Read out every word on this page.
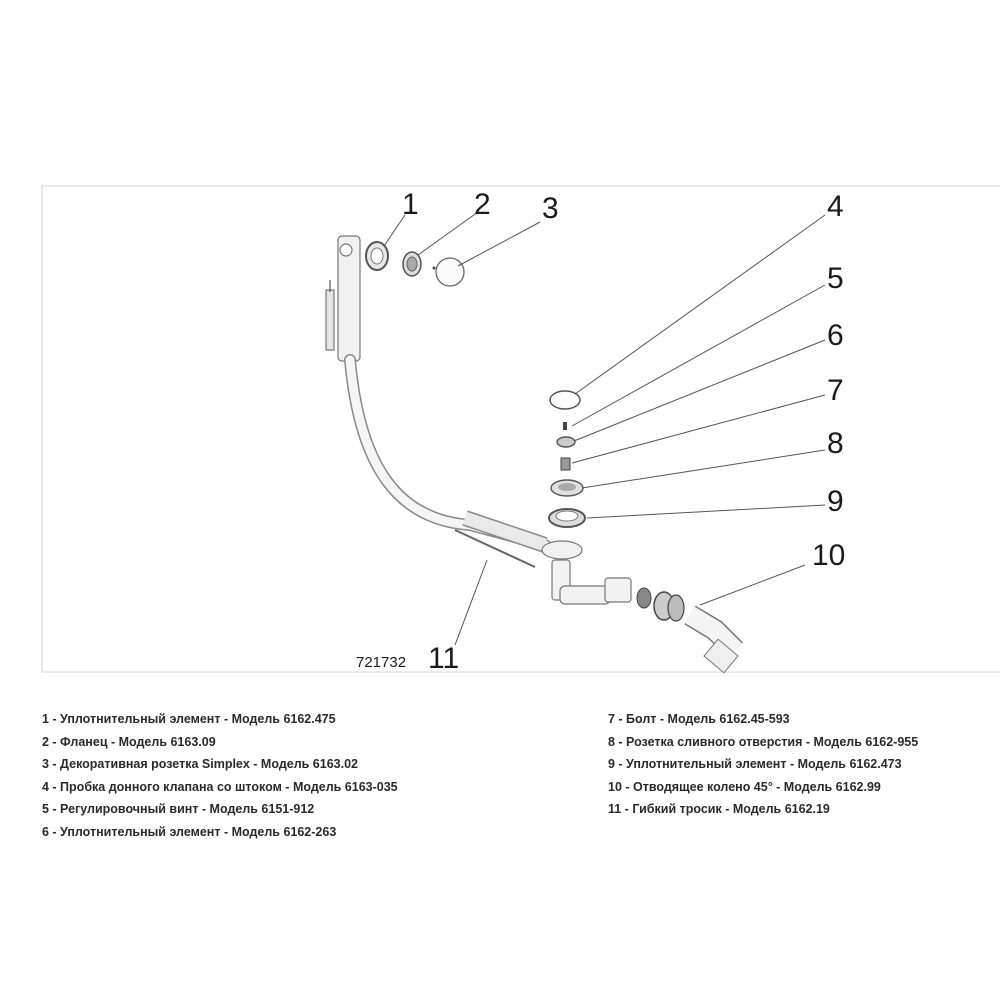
1 2 3	4
5
6
7
8
9
10
11
721732
1 - Уплотнительный элемент - Модель 6162.475
2 - Фланец - Модель 6163.09
3 - Декоративная розетка Simplex - Модель 6163.02
4 - Пробка донного клапана со штоком - Модель 6163-035
5 - Регулировочный винт - Модель 6151-912
6 - Уплотнительный элемент - Модель 6162-263
7 - Болт - Модель 6162.45-593
8 - Розетка сливного отверстия - Модель 6162-955
9 - Уплотнительный элемент - Модель 6162.473
10 - Отводящее колено 45° - Модель 6162.99
11 - Гибкий тросик - Модель 6162.19
